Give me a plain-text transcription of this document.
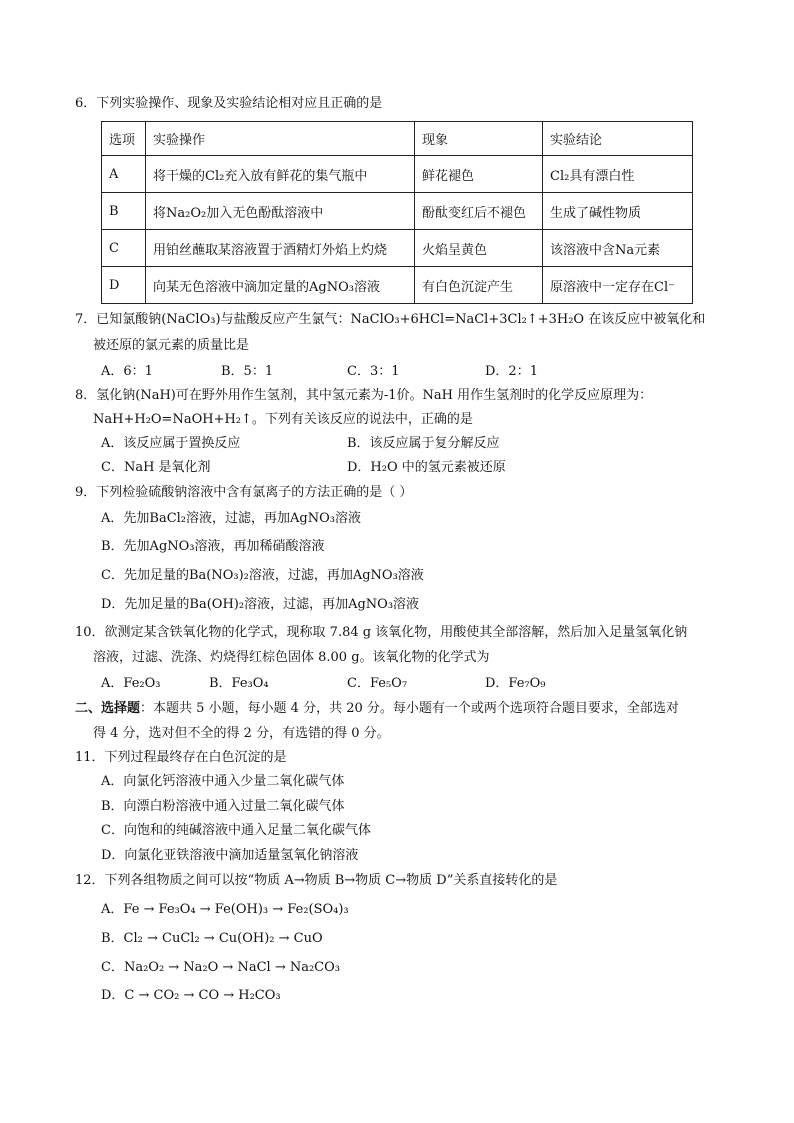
6．下列实验操作、现象及实验结论相对应且正确的是
选项	实验操作	现象	实验结论
A	将干燥的Cl₂充入放有鲜花的集气瓶中	鲜花褪色	Cl₂具有漂白性
B	将Na₂O₂加入无色酚酞溶液中	酚酞变红后不褪色	生成了碱性物质
C	用铂丝蘸取某溶液置于酒精灯外焰上灼烧	火焰呈黄色	该溶液中含Na元素
D	向某无色溶液中滴加定量的AgNO₃溶液	有白色沉淀产生	原溶液中一定存在Cl⁻
7．已知氯酸钠(NaClO₃)与盐酸反应产生氯气：NaClO₃+6HCl=NaCl+3Cl₂↑+3H₂O 在该反应中被氧化和
被还原的氯元素的质量比是
A．6：1	B．5：1	C．3：1	D．2：1
8．氢化钠(NaH)可在野外用作生氢剂，其中氢元素为-1价。NaH 用作生氢剂时的化学反应原理为：
NaH+H₂O=NaOH+H₂↑。下列有关该反应的说法中，正确的是
A．该反应属于置换反应	B．该反应属于复分解反应
C．NaH 是氧化剂	D．H₂O 中的氢元素被还原
9．下列检验硫酸钠溶液中含有氯离子的方法正确的是（ ）
A．先加BaCl₂溶液，过滤，再加AgNO₃溶液
B．先加AgNO₃溶液，再加稀硝酸溶液
C．先加足量的Ba(NO₃)₂溶液，过滤，再加AgNO₃溶液
D．先加足量的Ba(OH)₂溶液，过滤，再加AgNO₃溶液
10．欲测定某含铁氧化物的化学式，现称取 7.84 g 该氧化物，用酸使其全部溶解，然后加入足量氢氧化钠
溶液，过滤、洗涤、灼烧得红棕色固体 8.00 g。该氧化物的化学式为
A．Fe₂O₃	B．Fe₃O₄	C．Fe₅O₇	D．Fe₇O₉
二、选择题：本题共 5 小题，每小题 4 分，共 20 分。每小题有一个或两个选项符合题目要求，全部选对
得 4 分，选对但不全的得 2 分，有选错的得 0 分。
11．下列过程最终存在白色沉淀的是
A．向氯化钙溶液中通入少量二氧化碳气体
B．向漂白粉溶液中通入过量二氧化碳气体
C．向饱和的纯碱溶液中通入足量二氧化碳气体
D．向氯化亚铁溶液中滴加适量氢氧化钠溶液
12．下列各组物质之间可以按“物质 A→物质 B→物质 C→物质 D”关系直接转化的是
A．Fe → Fe₃O₄ → Fe(OH)₃ → Fe₂(SO₄)₃
B．Cl₂ → CuCl₂ → Cu(OH)₂ → CuO
C．Na₂O₂ → Na₂O → NaCl → Na₂CO₃
D．C → CO₂ → CO → H₂CO₃
